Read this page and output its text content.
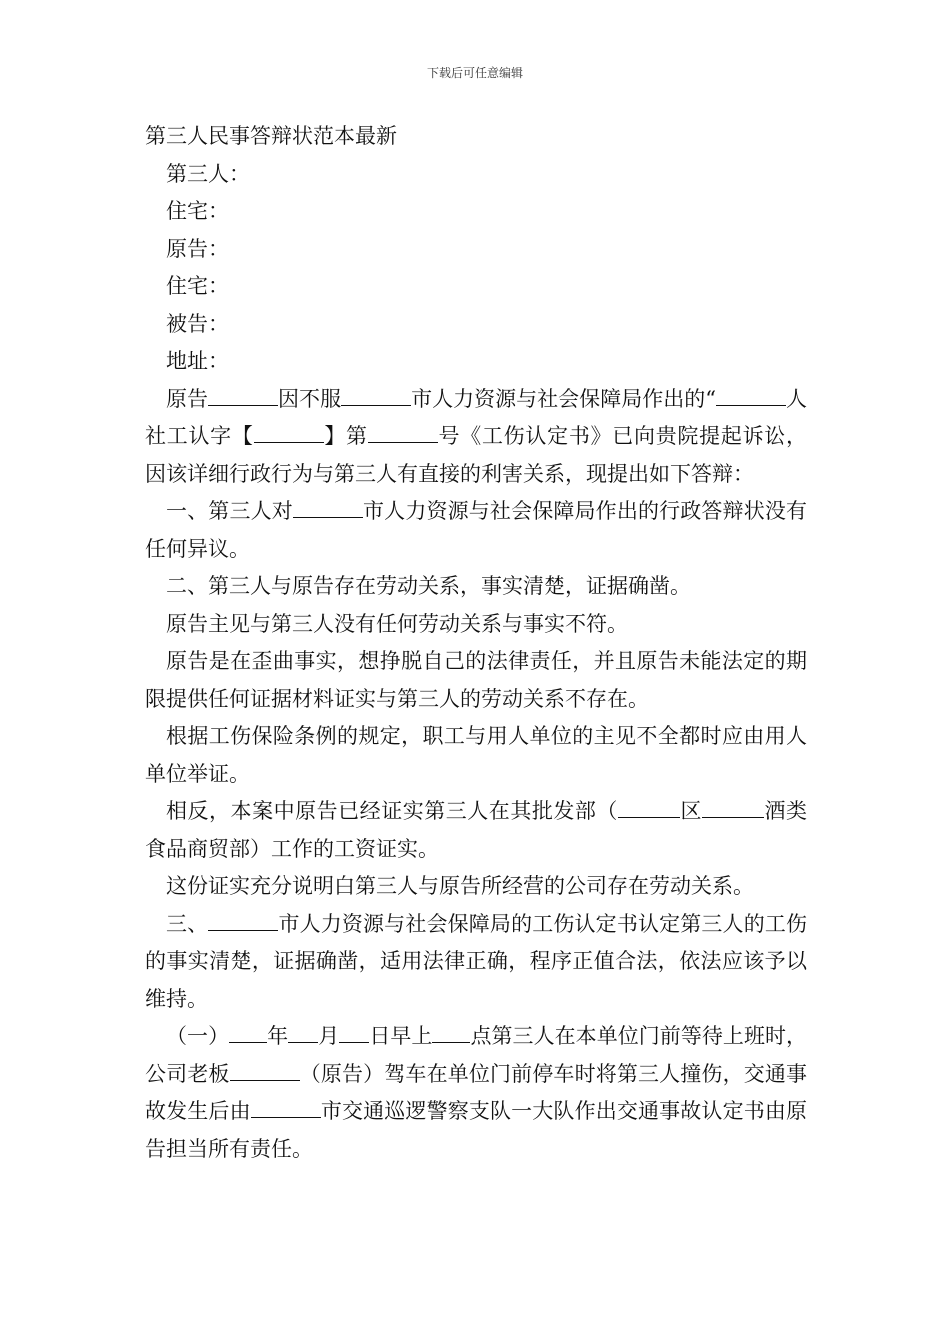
下载后可任意编辑
第三人民事答辩状范本最新

第三人：

住宅：

原告：

住宅：

被告：

地址：

原告	因不服	市人力资源与社会保障局作出的“	人社工认字【	】第	号《工伤认定书》已向贵院提起诉讼，因该详细行政行为与第三人有直接的利害关系，现提出如下答辩：

一、第三人对	市人力资源与社会保障局作出的行政答辩状没有任何异议。

二、第三人与原告存在劳动关系，事实清楚，证据确凿。

原告主见与第三人没有任何劳动关系与事实不符。

原告是在歪曲事实，想挣脱自己的法律责任，并且原告未能法定的期限提供任何证据材料证实与第三人的劳动关系不存在。

根据工伤保险条例的规定，职工与用人单位的主见不全都时应由用人单位举证。

相反，本案中原告已经证实第三人在其批发部（	区	酒类食品商贸部）工作的工资证实。

这份证实充分说明白第三人与原告所经营的公司存在劳动关系。

三、	市人力资源与社会保障局的工伤认定书认定第三人的工伤的事实清楚，证据确凿，适用法律正确，程序正值合法，依法应该予以维持。

（一） 年 月 日早上 点第三人在本单位门前等待上班时，公司老板	（原告）驾车在单位门前停车时将第三人撞伤，交通事故发生后由	市交通巡逻警察支队一大队作出交通事故认定书由原告担当所有责任。
